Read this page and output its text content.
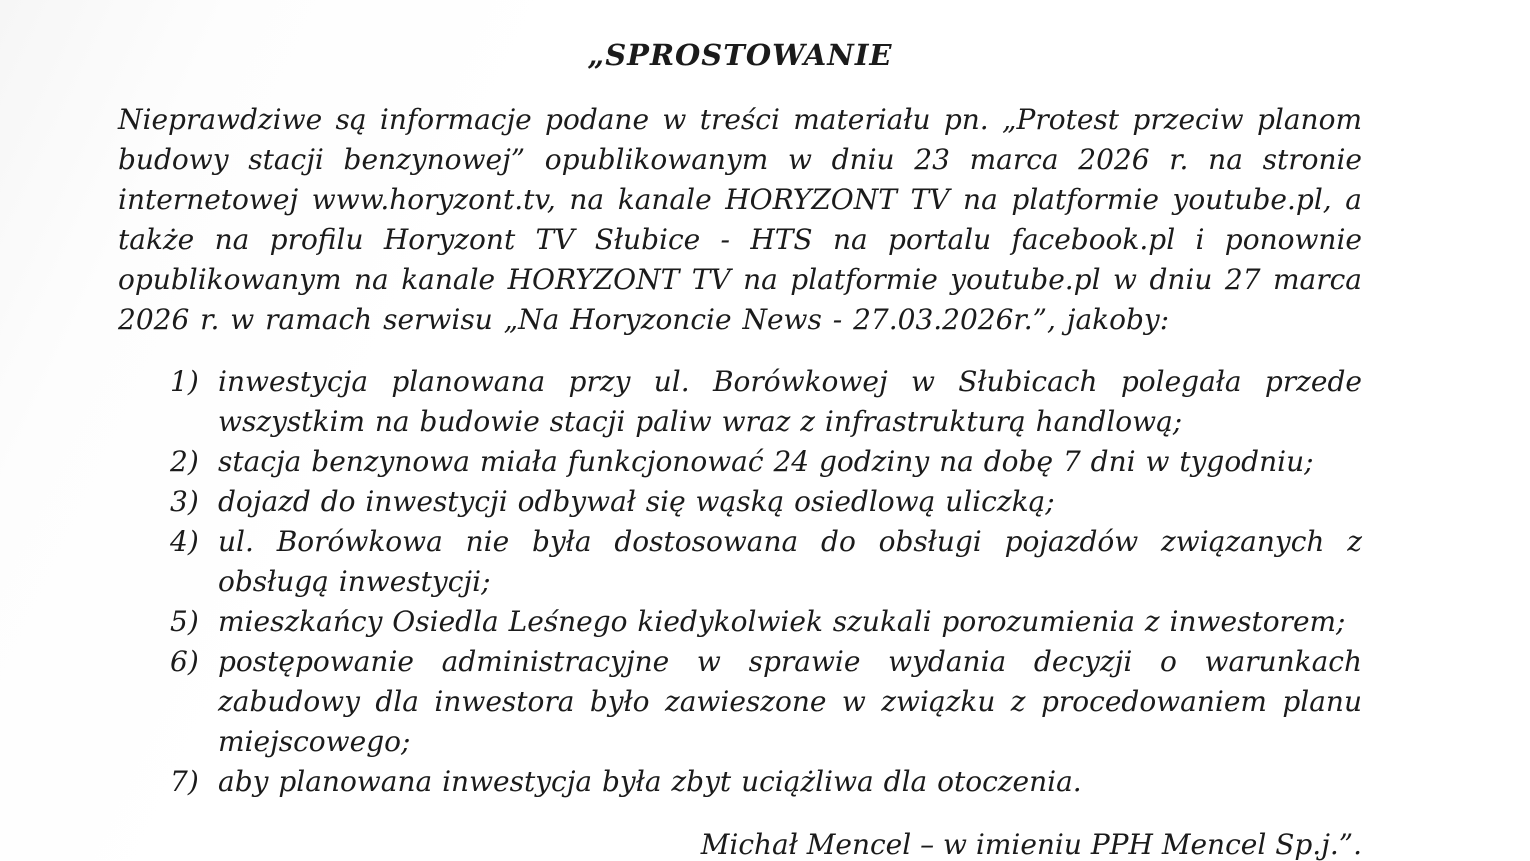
„SPROSTOWANIE
Nieprawdziwe są informacje podane w treści materiału pn. „Protest przeciw planom budowy stacji benzynowej” opublikowanym w dniu 23 marca 2026 r. na stronie internetowej www.horyzont.tv, na kanale HORYZONT TV na platformie youtube.pl, a także na profilu Horyzont TV Słubice - HTS na portalu facebook.pl i ponownie opublikowanym na kanale HORYZONT TV na platformie youtube.pl w dniu 27 marca 2026 r. w ramach serwisu „Na Horyzoncie News - 27.03.2026r.”, jakoby:
1) inwestycja planowana przy ul. Borówkowej w Słubicach polegała przede wszystkim na budowie stacji paliw wraz z infrastrukturą handlową;
2) stacja benzynowa miała funkcjonować 24 godziny na dobę 7 dni w tygodniu;
3) dojazd do inwestycji odbywał się wąską osiedlową uliczką;
4) ul. Borówkowa nie była dostosowana do obsługi pojazdów związanych z obsługą inwestycji;
5) mieszkańcy Osiedla Leśnego kiedykolwiek szukali porozumienia z inwestorem;
6) postępowanie administracyjne w sprawie wydania decyzji o warunkach zabudowy dla inwestora było zawieszone w związku z procedowaniem planu miejscowego;
7) aby planowana inwestycja była zbyt uciążliwa dla otoczenia.
Michał Mencel – w imieniu PPH Mencel Sp.j.”.
